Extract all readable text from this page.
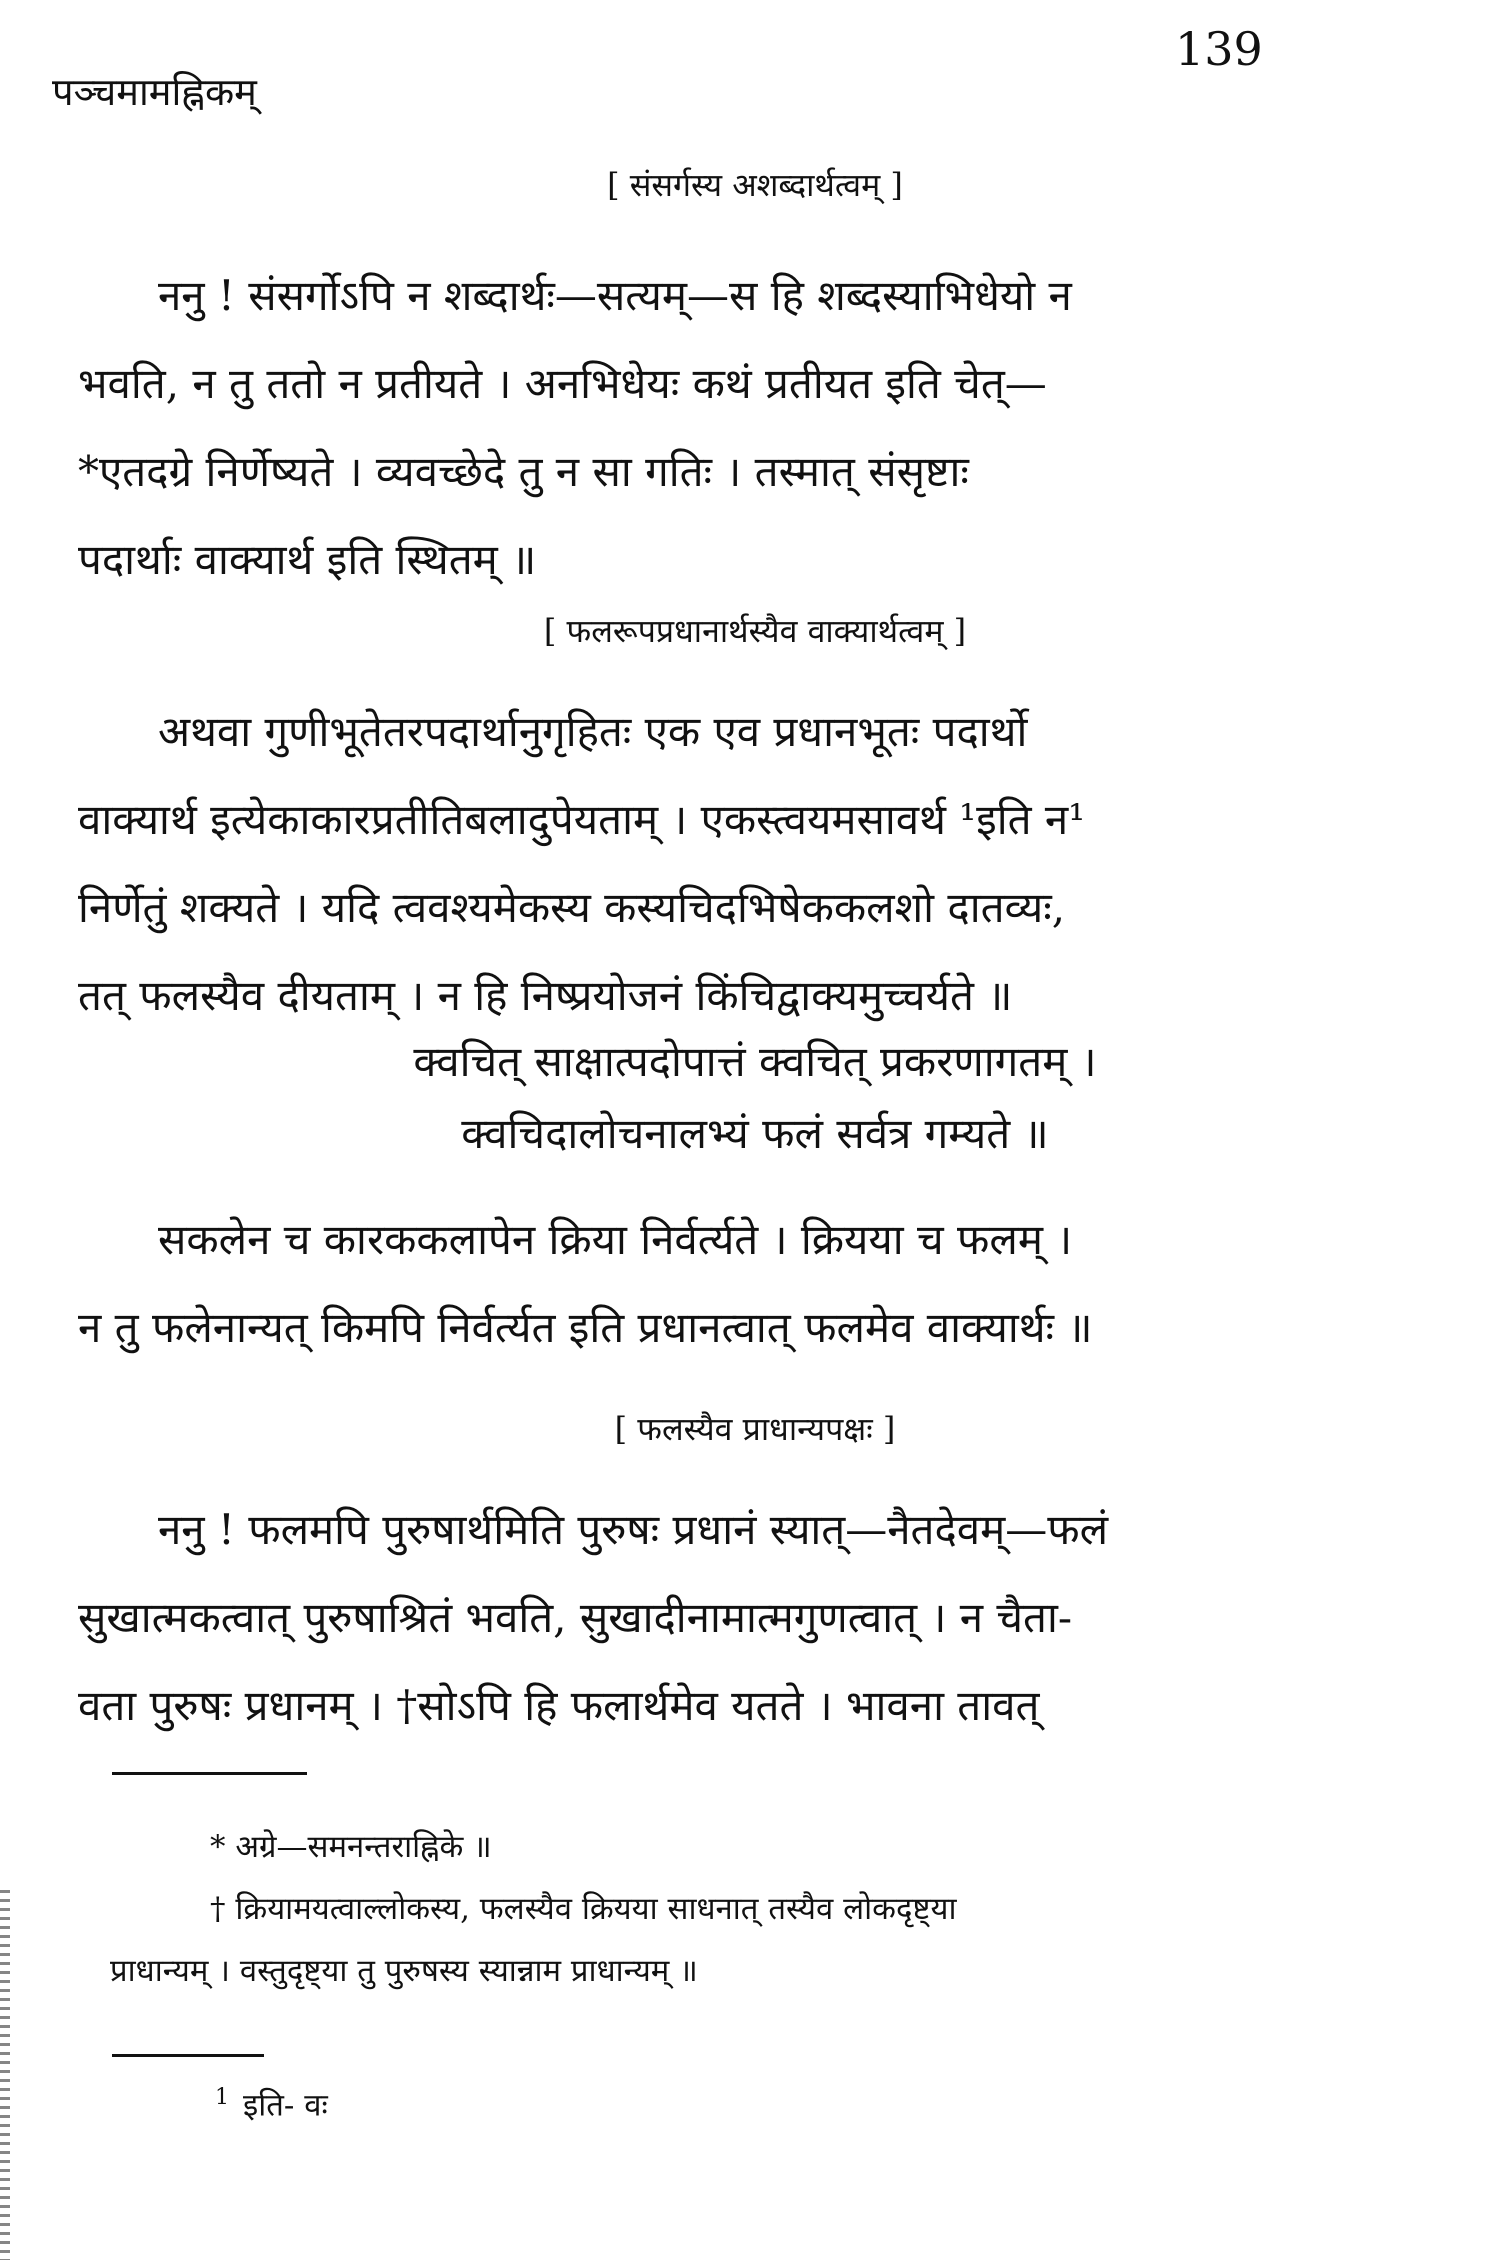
पञ्चमामह्निकम्
139
[ संसर्गस्य अशब्दार्थत्वम् ]
ननु ! संसर्गोऽपि न शब्दार्थः—सत्यम्—स हि शब्दस्याभिधेयो न
भवति, न तु ततो न प्रतीयते । अनभिधेयः कथं प्रतीयत इति चेत्—
*एतदग्रे निर्णेष्यते । व्यवच्छेदे तु न सा गतिः । तस्मात् संसृष्टाः
पदार्थाः वाक्यार्थ इति स्थितम् ॥
[ फलरूपप्रधानार्थस्यैव वाक्यार्थत्वम् ]
अथवा गुणीभूतेतरपदार्थानुगृहितः एक एव प्रधानभूतः पदार्थो
वाक्यार्थ इत्येकाकारप्रतीतिबलादुपेयताम् । एकस्त्वयमसावर्थ ¹इति न¹
निर्णेतुं शक्यते । यदि त्ववश्यमेकस्य कस्यचिदभिषेककलशो दातव्यः,
तत् फलस्यैव दीयताम् । न हि निष्प्रयोजनं किंचिद्वाक्यमुच्चर्यते ॥
क्वचित् साक्षात्पदोपात्तं क्वचित् प्रकरणागतम् ।
क्वचिदालोचनालभ्यं फलं सर्वत्र गम्यते ॥
सकलेन च कारककलापेन क्रिया निर्वर्त्यते । क्रियया च फलम् ।
न तु फलेनान्यत् किमपि निर्वर्त्यत इति प्रधानत्वात् फलमेव वाक्यार्थः ॥
[ फलस्यैव प्राधान्यपक्षः ]
ननु ! फलमपि पुरुषार्थमिति पुरुषः प्रधानं स्यात्—नैतदेवम्—फलं
सुखात्मकत्वात् पुरुषाश्रितं भवति, सुखादीनामात्मगुणत्वात् । न चैता-
वता पुरुषः प्रधानम् । †सोऽपि हि फलार्थमेव यतते । भावना तावत्
* अग्रे—समनन्तराह्निके ॥
† क्रियामयत्वाल्लोकस्य, फलस्यैव क्रियया साधनात् तस्यैव लोकदृष्ट्या
प्राधान्यम् । वस्तुदृष्ट्या तु पुरुषस्य स्यान्नाम प्राधान्यम् ॥
$^1$ इति- वः
